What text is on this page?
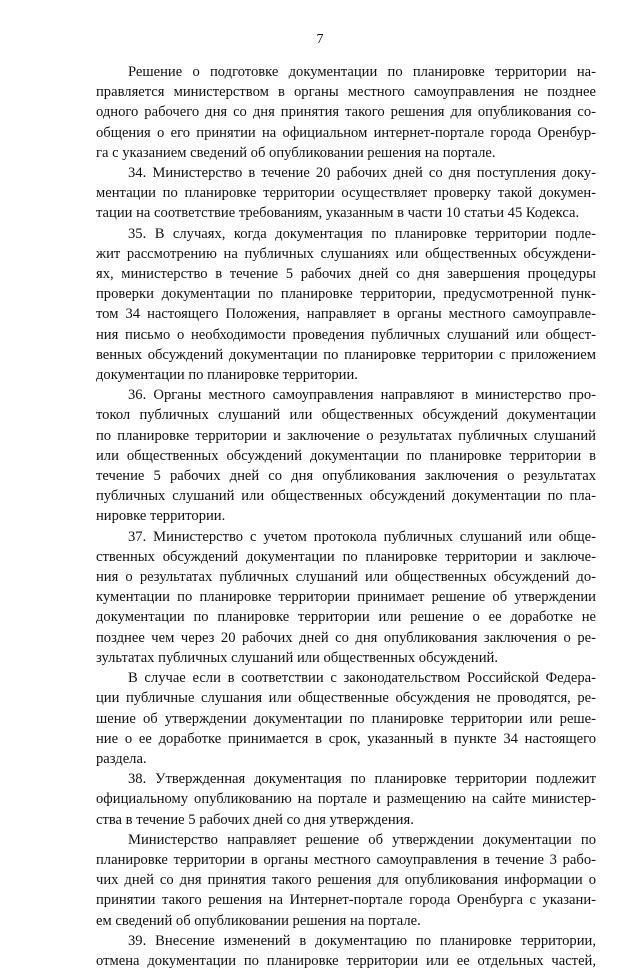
7
Решение о подготовке документации по планировке территории на-
правляется министерством в органы местного самоуправления не позднее
одного рабочего дня со дня принятия такого решения для опубликования со-
общения о его принятии на официальном интернет-портале города Оренбур-
га с указанием сведений об опубликовании решения на портале.
34. Министерство в течение 20 рабочих дней со дня поступления доку-
ментации по планировке территории осуществляет проверку такой докумен-
тации на соответствие требованиям, указанным в части 10 статьи 45 Кодекса.
35. В случаях, когда документация по планировке территории подле-
жит рассмотрению на публичных слушаниях или общественных обсуждени-
ях, министерство в течение 5 рабочих дней со дня завершения процедуры
проверки документации по планировке территории, предусмотренной пунк-
том 34 настоящего Положения, направляет в органы местного самоуправле-
ния письмо о необходимости проведения публичных слушаний или общест-
венных обсуждений документации по планировке территории с приложением
документации по планировке территории.
36. Органы местного самоуправления направляют в министерство про-
токол публичных слушаний или общественных обсуждений документации
по планировке территории и заключение о результатах публичных слушаний
или общественных обсуждений документации по планировке территории в
течение 5 рабочих дней со дня опубликования заключения о результатах
публичных слушаний или общественных обсуждений документации по пла-
нировке территории.
37. Министерство с учетом протокола публичных слушаний или обще-
ственных обсуждений документации по планировке территории и заключе-
ния о результатах публичных слушаний или общественных обсуждений до-
кументации по планировке территории принимает решение об утверждении
документации по планировке территории или решение о ее доработке не
позднее чем через 20 рабочих дней со дня опубликования заключения о ре-
зультатах публичных слушаний или общественных обсуждений.
В случае если в соответствии с законодательством Российской Федера-
ции публичные слушания или общественные обсуждения не проводятся, ре-
шение об утверждении документации по планировке территории или реше-
ние о ее доработке принимается в срок, указанный в пункте 34 настоящего
раздела.
38. Утвержденная документация по планировке территории подлежит
официальному опубликованию на портале и размещению на сайте министер-
ства в течение 5 рабочих дней со дня утверждения.
Министерство направляет решение об утверждении документации по
планировке территории в органы местного самоуправления в течение 3 рабо-
чих дней со дня принятия такого решения для опубликования информации о
принятии такого решения на Интернет-портале города Оренбурга с указани-
ем сведений об опубликовании решения на портале.
39. Внесение изменений в документацию по планировке территории,
отмена документации по планировке территории или ее отдельных частей,
